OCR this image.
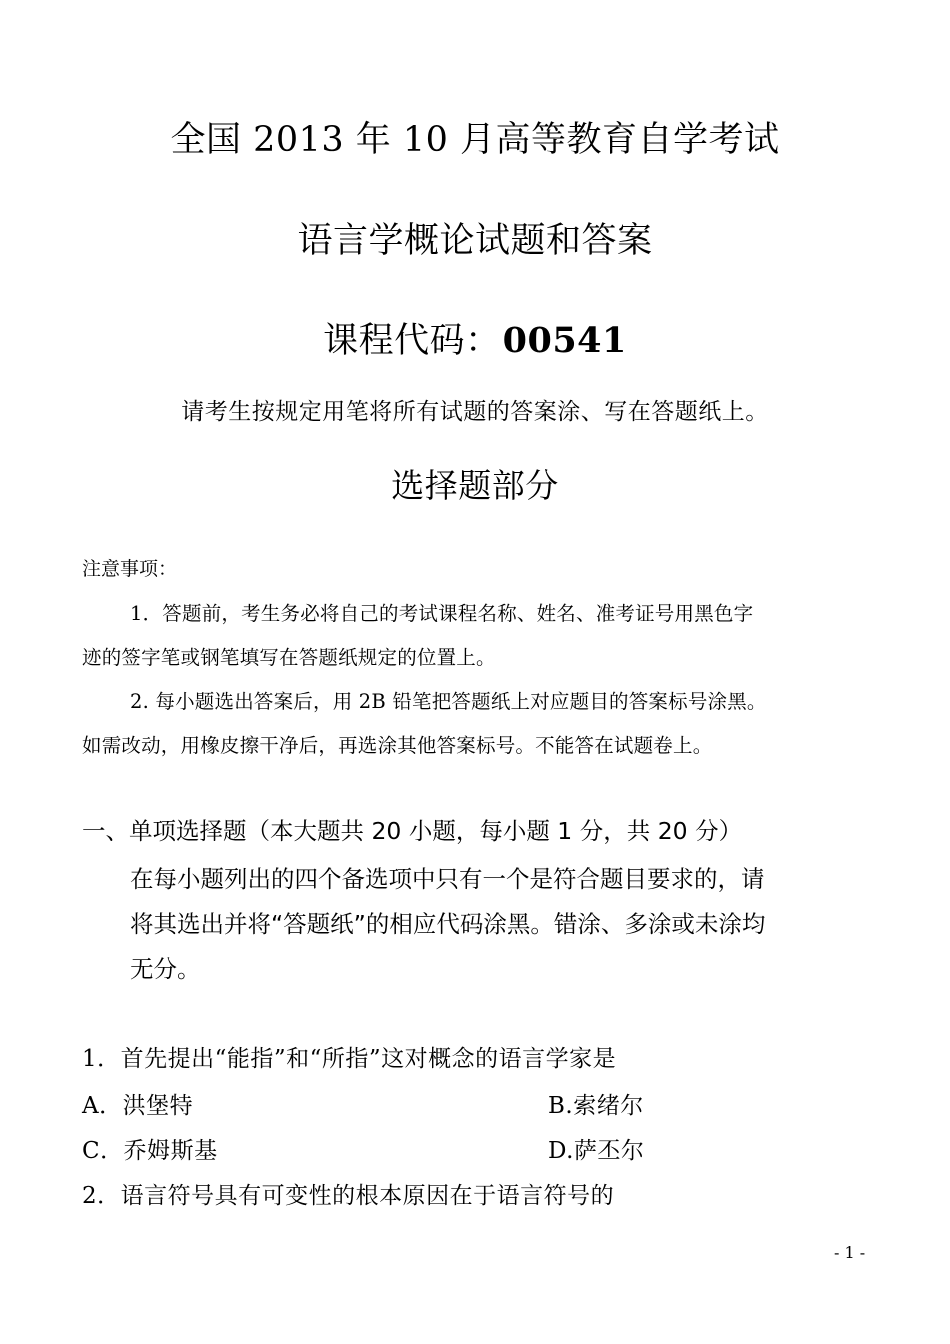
全国 2013 年 10 月高等教育自学考试
语言学概论试题和答案
课程代码：00541
请考生按规定用笔将所有试题的答案涂、写在答题纸上。
选择题部分
注意事项：
1．答题前，考生务必将自己的考试课程名称、姓名、准考证号用黑色字
迹的签字笔或钢笔填写在答题纸规定的位置上。
2. 每小题选出答案后，用 2B 铅笔把答题纸上对应题目的答案标号涂黑。
如需改动，用橡皮擦干净后，再选涂其他答案标号。不能答在试题卷上。
一、单项选择题（本大题共 20 小题，每小题 1 分，共 20 分）
在每小题列出的四个备选项中只有一个是符合题目要求的，请
将其选出并将“答题纸”的相应代码涂黑。错涂、多涂或未涂均
无分。
1．首先提出“能指”和“所指”这对概念的语言学家是
A．洪堡特	B.索绪尔
C．乔姆斯基	D.萨丕尔
2．语言符号具有可变性的根本原因在于语言符号的
- 1 -
